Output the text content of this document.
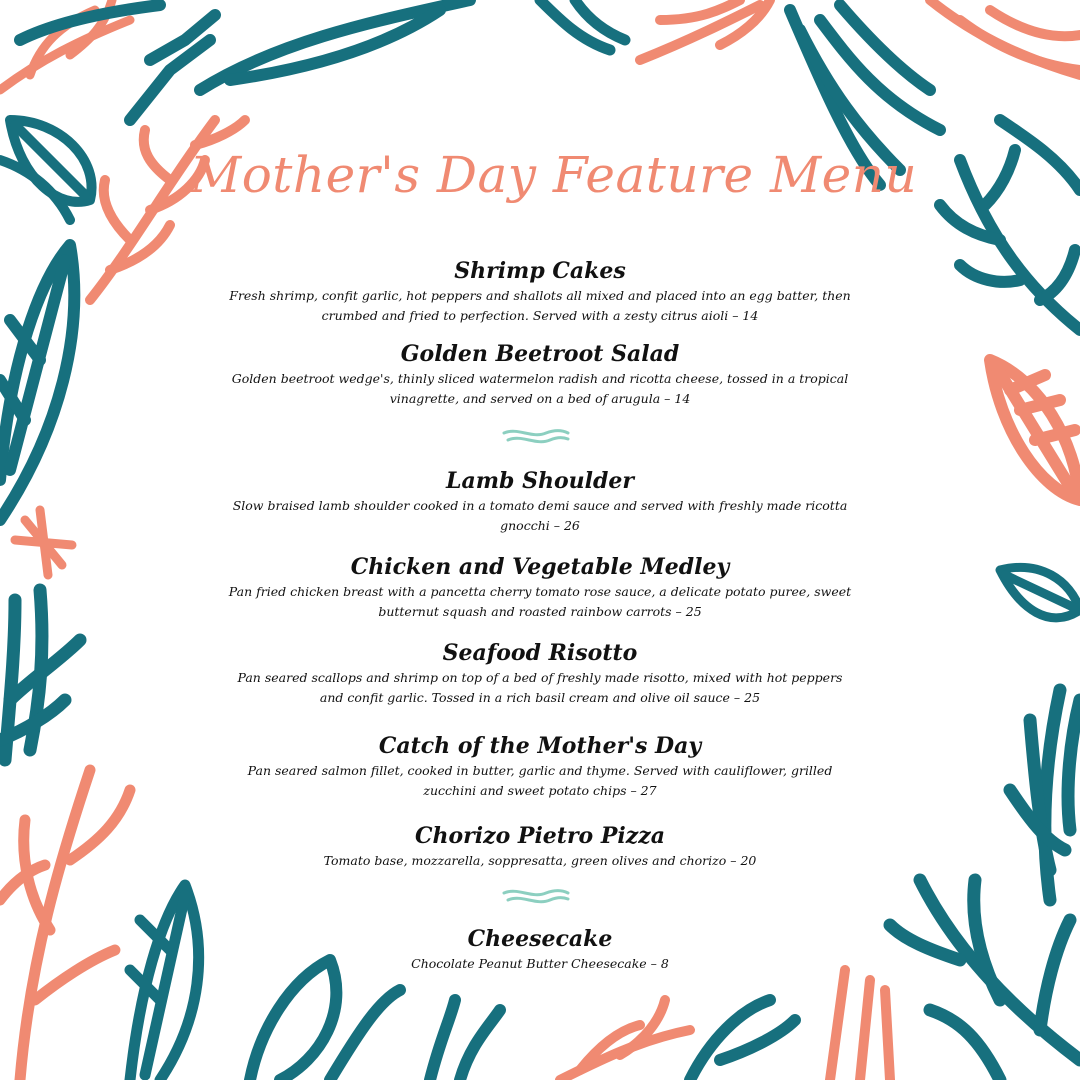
Mother's Day Feature Menu
Shrimp Cakes
Fresh shrimp, confit garlic, hot peppers and shallots all mixed and placed into an egg batter, then crumbed and fried to perfection. Served with a zesty citrus aioli – 14
Golden Beetroot Salad
Golden beetroot wedge's, thinly sliced watermelon radish and ricotta cheese, tossed in a tropical vinagrette, and served on a bed of arugula – 14
Lamb Shoulder
Slow braised lamb shoulder cooked in a tomato demi sauce and served with freshly made ricotta gnocchi – 26
Chicken and Vegetable Medley
Pan fried chicken breast with a pancetta cherry tomato rose sauce, a delicate potato puree, sweet butternut squash and roasted rainbow carrots – 25
Seafood Risotto
Pan seared scallops and shrimp on top of a bed of freshly made risotto, mixed with hot peppers and confit garlic. Tossed in a rich basil cream and olive oil sauce – 25
Catch of the Mother's Day
Pan seared salmon fillet, cooked in butter, garlic and thyme. Served with cauliflower, grilled zucchini and sweet potato chips – 27
Chorizo Pietro Pizza
Tomato base, mozzarella, soppresatta, green olives and chorizo – 20
Cheesecake
Chocolate Peanut Butter Cheesecake – 8
